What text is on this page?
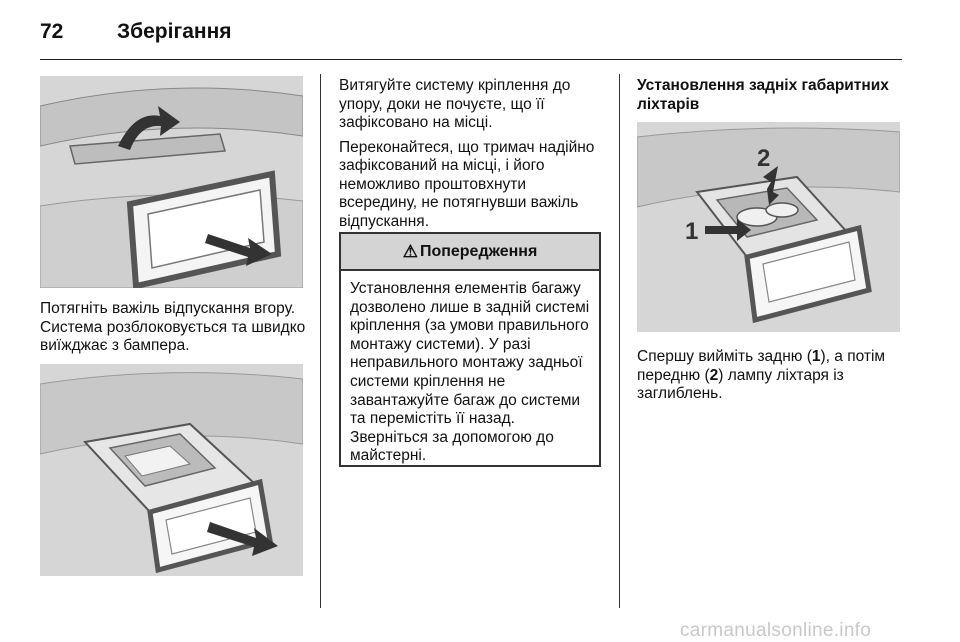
72	Зберігання

Потягніть важіль відпускання вгору. Система розблоковується та швидко виїжджає з бампера.

Витягуйте систему кріплення до упору, доки не почуєте, що її зафіксовано на місці.

Переконайтеся, що тримач надійно зафіксований на місці, і його неможливо проштовхнути всередину, не потягнувши важіль відпускання.

⚠ Попередження
Установлення елементів багажу дозволено лише в задній системі кріплення (за умови правильного монтажу системи). У разі неправильного монтажу задньої системи кріплення не завантажуйте багаж до системи та перемістіть її назад. Зверніться за допомогою до майстерні.

Установлення задніх габаритних ліхтарів

1
2

Спершу вийміть задню (1), а потім передню (2) лампу ліхтаря із заглиблень.

carmanualsonline.info
